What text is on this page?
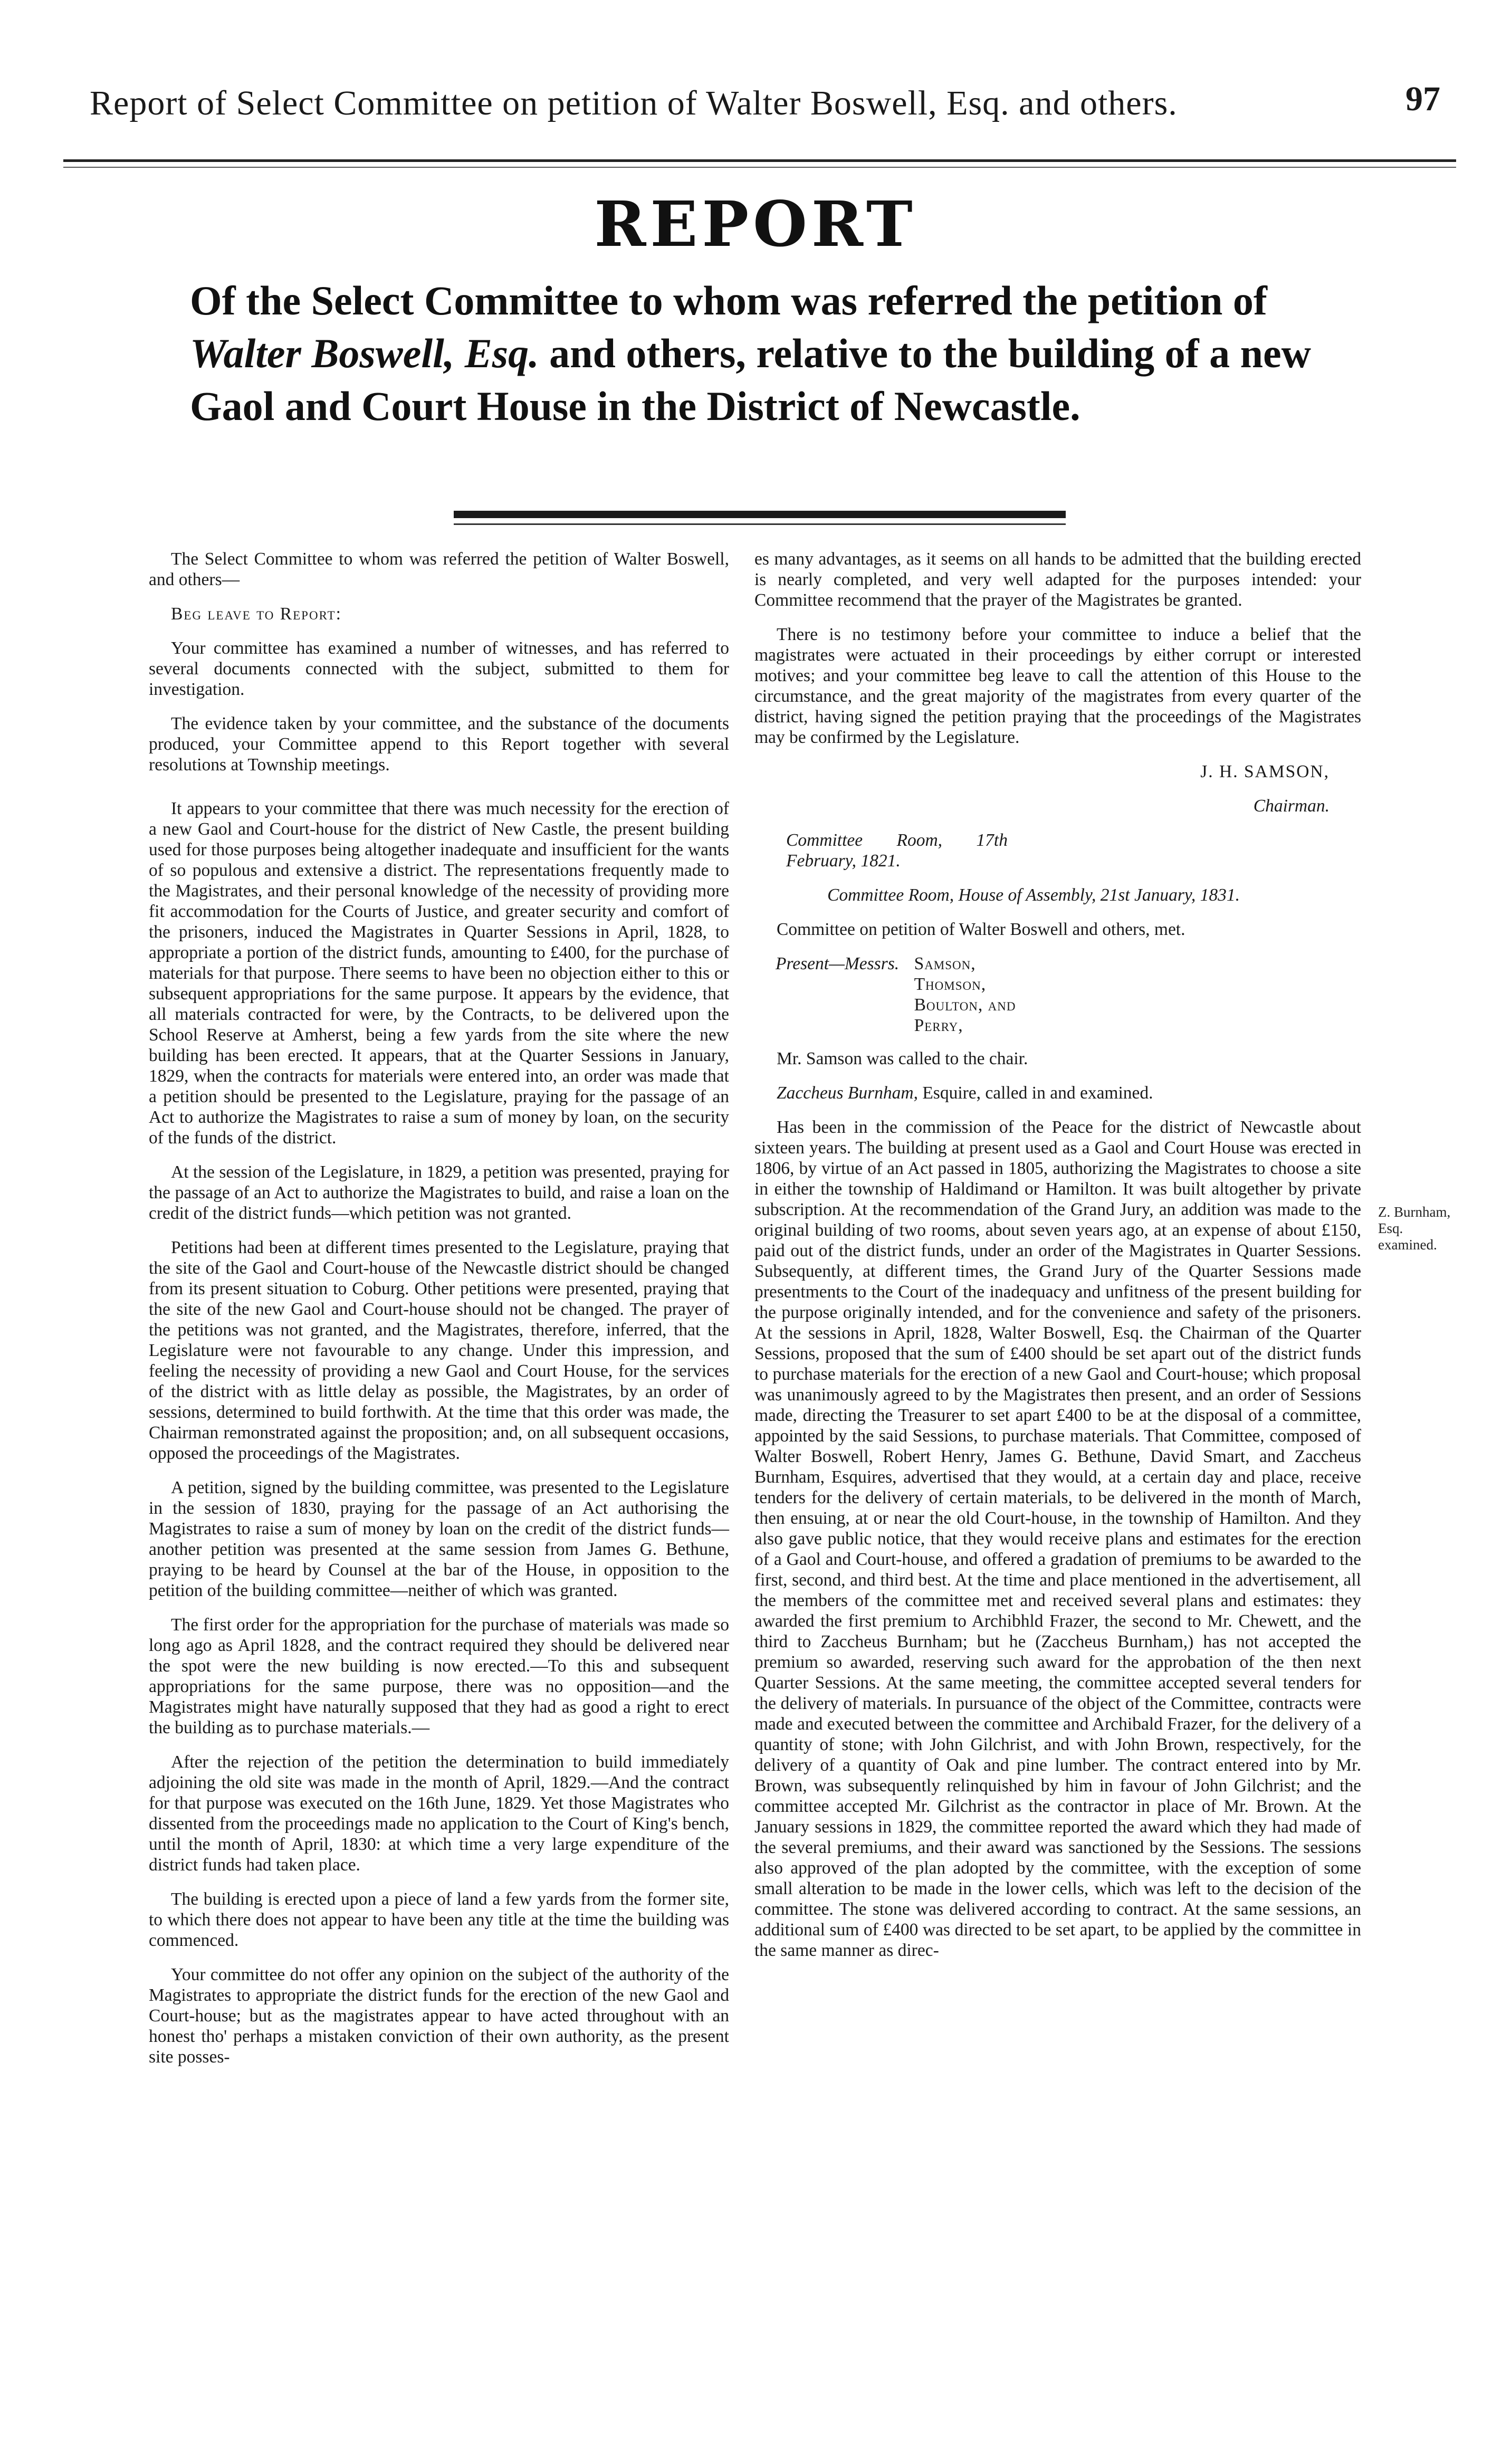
Report of Select Committee on petition of Walter Boswell, Esq. and others.	97
REPORT
Of the Select Committee to whom was referred the petition of Walter Boswell, Esq. and others, relative to the building of a new Gaol and Court House in the District of Newcastle.

The Select Committee to whom was referred the petition of Walter Boswell, and others—

Beg leave to Report:

Your committee has examined a number of witnesses, and has referred to several documents connected with the subject, submitted to them for investigation.

The evidence taken by your committee, and the substance of the documents produced, your Committee append to this Report together with several resolutions at Township meetings.

It appears to your committee that there was much necessity for the erection of a new Gaol and Court-house for the district of New Castle, the present building used for those purposes being altogether inadequate and insufficient for the wants of so populous and extensive a district. The representations frequently made to the Magistrates, and their personal knowledge of the necessity of providing more fit accommodation for the Courts of Justice, and greater security and comfort of the prisoners, induced the Magistrates in Quarter Sessions in April, 1828, to appropriate a portion of the district funds, amounting to £400, for the purchase of materials for that purpose. There seems to have been no objection either to this or subsequent appropriations for the same purpose. It appears by the evidence, that all materials contracted for were, by the Contracts, to be delivered upon the School Reserve at Amherst, being a few yards from the site where the new building has been erected. It appears, that at the Quarter Sessions in January, 1829, when the contracts for materials were entered into, an order was made that a petition should be presented to the Legislature, praying for the passage of an Act to authorize the Magistrates to raise a sum of money by loan, on the security of the funds of the district.

At the session of the Legislature, in 1829, a petition was presented, praying for the passage of an Act to authorize the Magistrates to build, and raise a loan on the credit of the district funds—which petition was not granted.

Petitions had been at different times presented to the Legislature, praying that the site of the Gaol and Court-house of the Newcastle district should be changed from its present situation to Coburg. Other petitions were presented, praying that the site of the new Gaol and Court-house should not be changed. The prayer of the petitions was not granted, and the Magistrates, therefore, inferred, that the Legislature were not favourable to any change. Under this impression, and feeling the necessity of providing a new Gaol and Court House, for the services of the district with as little delay as possible, the Magistrates, by an order of sessions, determined to build forthwith. At the time that this order was made, the Chairman remonstrated against the proposition; and, on all subsequent occasions, opposed the proceedings of the Magistrates.

A petition, signed by the building committee, was presented to the Legislature in the session of 1830, praying for the passage of an Act authorising the Magistrates to raise a sum of money by loan on the credit of the district funds—another petition was presented at the same session from James G. Bethune, praying to be heard by Counsel at the bar of the House, in opposition to the petition of the building committee—neither of which was granted.

The first order for the appropriation for the purchase of materials was made so long ago as April 1828, and the contract required they should be delivered near the spot were the new building is now erected.—To this and subsequent appropriations for the same purpose, there was no opposition—and the Magistrates might have naturally supposed that they had as good a right to erect the building as to purchase materials.—

After the rejection of the petition the determination to build immediately adjoining the old site was made in the month of April, 1829.—And the contract for that purpose was executed on the 16th June, 1829. Yet those Magistrates who dissented from the proceedings made no application to the Court of King's bench, until the month of April, 1830: at which time a very large expenditure of the district funds had taken place.

The building is erected upon a piece of land a few yards from the former site, to which there does not appear to have been any title at the time the building was commenced.

Your committee do not offer any opinion on the subject of the authority of the Magistrates to appropriate the district funds for the erection of the new Gaol and Court-house; but as the magistrates appear to have acted throughout with an honest tho' perhaps a mistaken conviction of their own authority, as the present site posses-

es many advantages, as it seems on all hands to be admitted that the building erected is nearly completed, and very well adapted for the purposes intended: your Committee recommend that the prayer of the Magistrates be granted.

There is no testimony before your committee to induce a belief that the magistrates were actuated in their proceedings by either corrupt or interested motives; and your committee beg leave to call the attention of this House to the circumstance, and the great majority of the magistrates from every quarter of the district, having signed the petition praying that the proceedings of the Magistrates may be confirmed by the Legislature.

J. H. SAMSON,

Chairman.

Committee Room, 17th February, 1821.

Committee Room, House of Assembly, 21st January, 1831.

Committee on petition of Walter Boswell and others, met.

Present—Messrs. Samson,
Thomson,
Boulton, and
Perry,

Mr. Samson was called to the chair.

Zaccheus Burnham, Esquire, called in and examined.

Has been in the commission of the Peace for the district of Newcastle about sixteen years. The building at present used as a Gaol and Court House was erected in 1806, by virtue of an Act passed in 1805, authorizing the Magistrates to choose a site in either the township of Haldimand or Hamilton. It was built altogether by private subscription. At the recommendation of the Grand Jury, an addition was made to the original building of two rooms, about seven years ago, at an expense of about £150, paid out of the district funds, under an order of the Magistrates in Quarter Sessions. Subsequently, at different times, the Grand Jury of the Quarter Sessions made presentments to the Court of the inadequacy and unfitness of the present building for the purpose originally intended, and for the convenience and safety of the prisoners. At the sessions in April, 1828, Walter Boswell, Esq. the Chairman of the Quarter Sessions, proposed that the sum of £400 should be set apart out of the district funds to purchase materials for the erection of a new Gaol and Court-house; which proposal was unanimously agreed to by the Magistrates then present, and an order of Sessions made, directing the Treasurer to set apart £400 to be at the disposal of a committee, appointed by the said Sessions, to purchase materials. That Committee, composed of Walter Boswell, Robert Henry, James G. Bethune, David Smart, and Zaccheus Burnham, Esquires, advertised that they would, at a certain day and place, receive tenders for the delivery of certain materials, to be delivered in the month of March, then ensuing, at or near the old Court-house, in the township of Hamilton. And they also gave public notice, that they would receive plans and estimates for the erection of a Gaol and Court-house, and offered a gradation of premiums to be awarded to the first, second, and third best. At the time and place mentioned in the advertisement, all the members of the committee met and received several plans and estimates: they awarded the first premium to Archibhld Frazer, the second to Mr. Chewett, and the third to Zaccheus Burnham; but he (Zaccheus Burnham,) has not accepted the premium so awarded, reserving such award for the approbation of the then next Quarter Sessions. At the same meeting, the committee accepted several tenders for the delivery of materials. In pursuance of the object of the Committee, contracts were made and executed between the committee and Archibald Frazer, for the delivery of a quantity of stone; with John Gilchrist, and with John Brown, respectively, for the delivery of a quantity of Oak and pine lumber. The contract entered into by Mr. Brown, was subsequently relinquished by him in favour of John Gilchrist; and the committee accepted Mr. Gilchrist as the contractor in place of Mr. Brown. At the January sessions in 1829, the committee reported the award which they had made of the several premiums, and their award was sanctioned by the Sessions. The sessions also approved of the plan adopted by the committee, with the exception of some small alteration to be made in the lower cells, which was left to the decision of the committee. The stone was delivered according to contract. At the same sessions, an additional sum of £400 was directed to be set apart, to be applied by the committee in the same manner as direc-

Z. Burnham, Esq. examined.
